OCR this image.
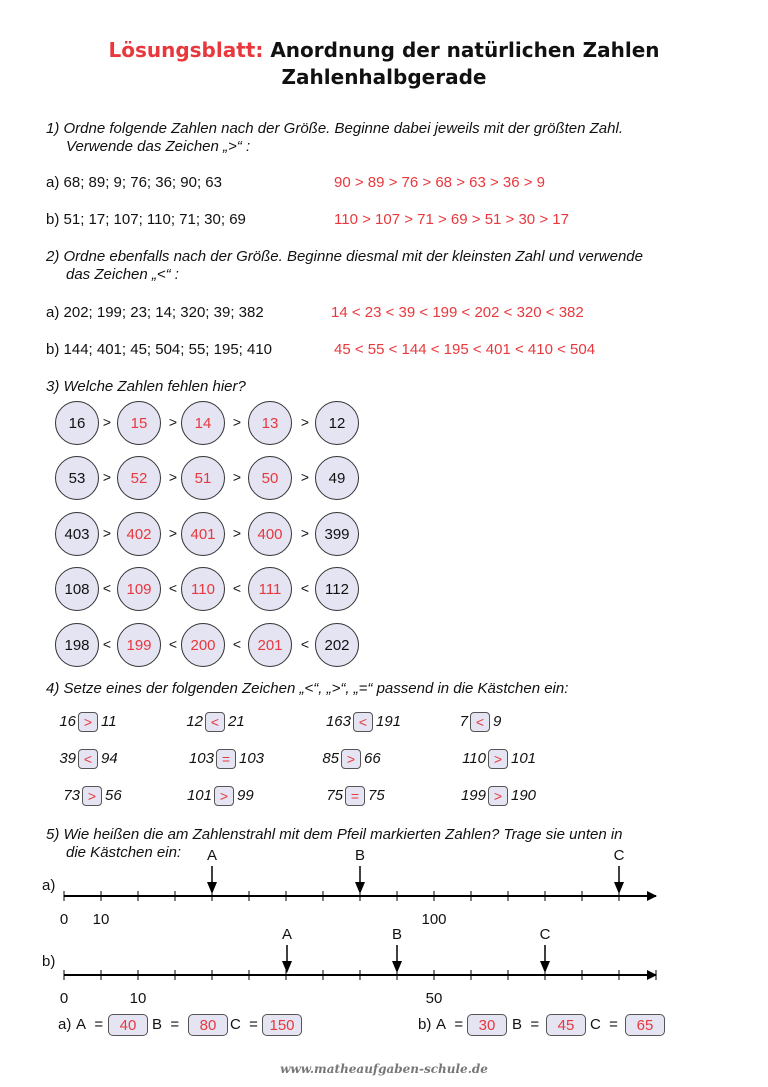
Lösungsblatt: Anordnung der natürlichen Zahlen
Zahlenhalbgerade
1) Ordne folgende Zahlen nach der Größe. Beginne dabei jeweils mit der größten Zahl.
Verwende das Zeichen „>“ :
a) 68; 89; 9; 76; 36; 90; 63	90 > 89 > 76 > 68 > 63 > 36 > 9
b) 51; 17; 107; 110; 71; 30; 69	110 > 107 > 71 > 69 > 51 > 30 > 17
2) Ordne ebenfalls nach der Größe. Beginne diesmal mit der kleinsten Zahl und verwende
das Zeichen „<“ :
a) 202; 199; 23; 14; 320; 39; 382	14 < 23 < 39 < 199 < 202 < 320 < 382
b) 144; 401; 45; 504; 55; 195; 410	45 < 55 < 144 < 195 < 401 < 410 < 504
3) Welche Zahlen fehlen hier?
16	>	15	>	14	>	13	>	12
53	>	52	>	51	>	50	>	49
403 >	402	> 401	>	400	>	399
108 <	109	< 110	<	111	<	112
198 <	199	< 200	<	201	<	202
4) Setze eines der folgenden Zeichen „<“, „>“, „=“ passend in die Kästchen ein:
16 > 11	12 < 21	163 < 191	7 < 9
39 < 94	103 = 103	85 > 66	110 > 101
73 > 56	101 > 99	75 = 75	199 > 190
5) Wie heißen die am Zahlenstrahl mit dem Pfeil markierten Zahlen? Trage sie unten in
die Kästchen ein:
0 10	100
A	B	C
0	10	50
A	B	C
a)
b)
a) A  =	40	B  =	80 C  = 150	b) A  =	30	B  =	45	C  =	65
www.matheaufgaben-schule.de
